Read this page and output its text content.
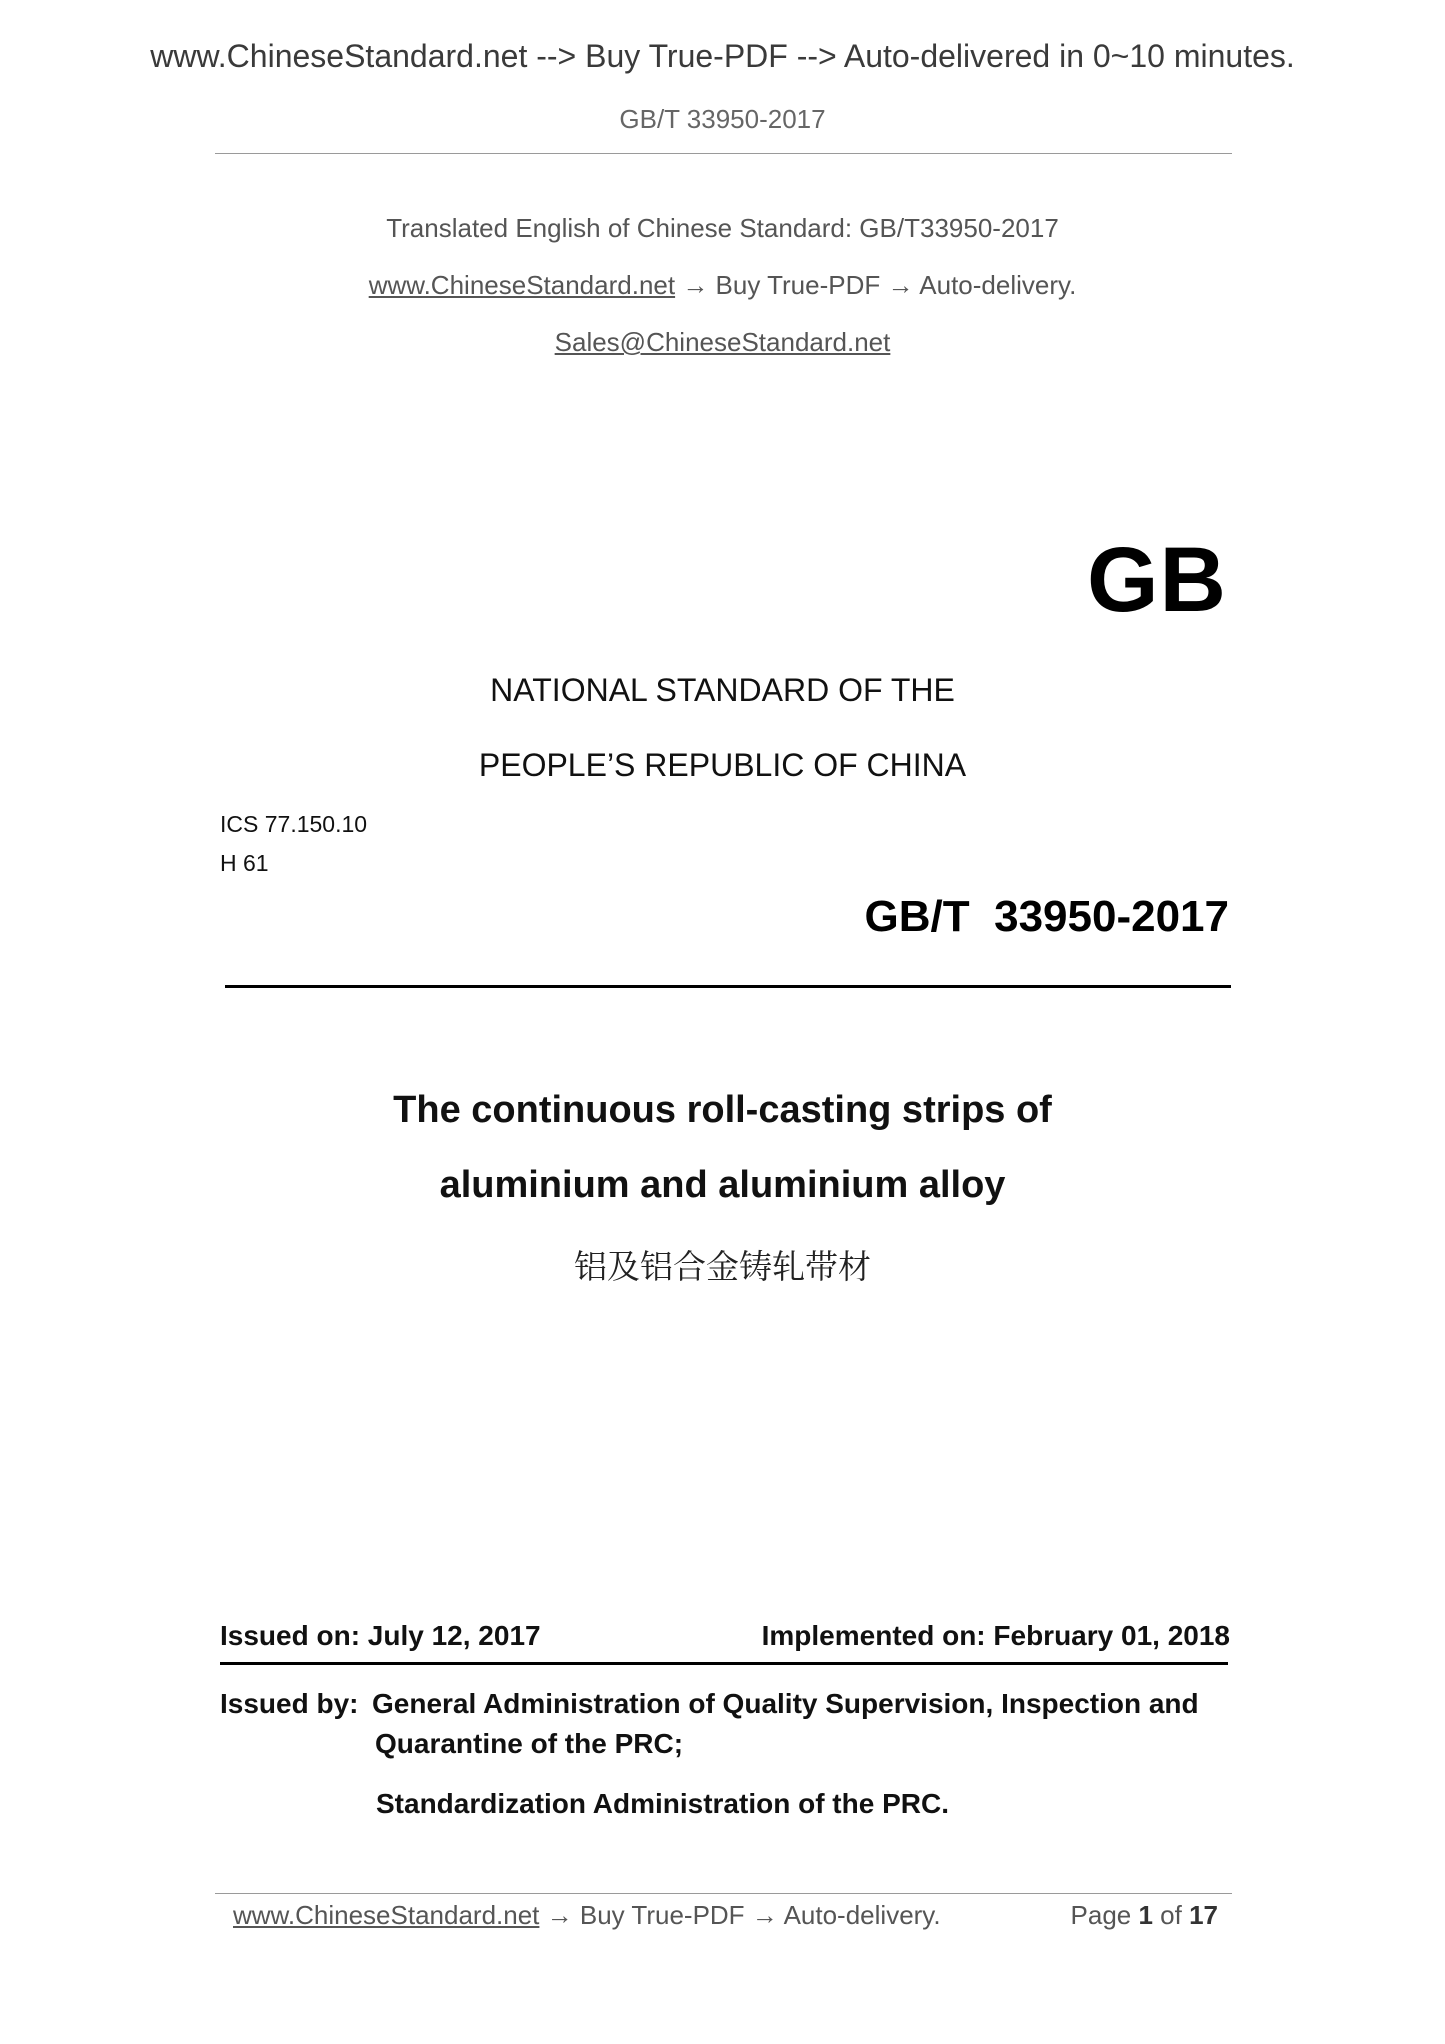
www.ChineseStandard.net --> Buy True-PDF --> Auto-delivered in 0~10 minutes.
GB/T 33950-2017
Translated English of Chinese Standard: GB/T33950-2017
www.ChineseStandard.net → Buy True-PDF → Auto-delivery.
Sales@ChineseStandard.net
GB
NATIONAL STANDARD OF THE
PEOPLE’S REPUBLIC OF CHINA
ICS 77.150.10
H 61
GB/T  33950-2017
The continuous roll-casting strips of
aluminium and aluminium alloy
铝及铝合金铸轧带材
Issued on: July 12, 2017	Implemented on: February 01, 2018
Issued by: General Administration of Quality Supervision, Inspection and
Quarantine of the PRC;
Standardization Administration of the PRC.
www.ChineseStandard.net → Buy True-PDF → Auto-delivery.	Page 1 of 17
